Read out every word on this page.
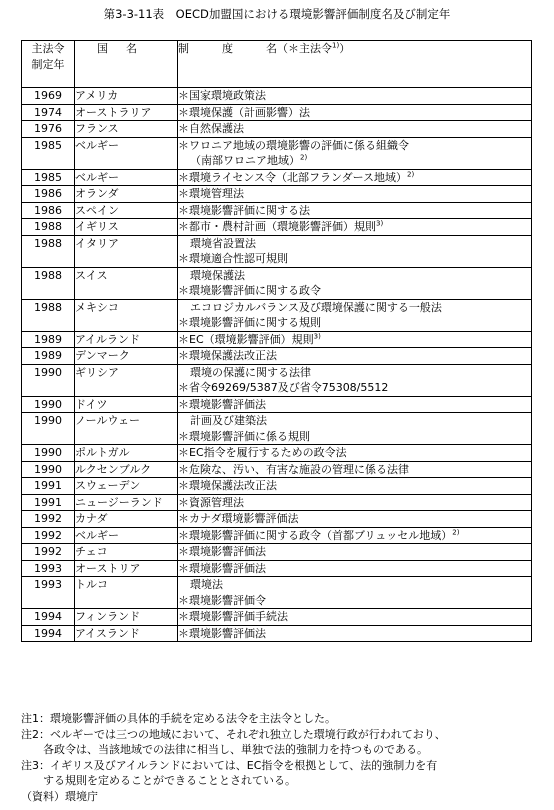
第3-3-11表　OECD加盟国における環境影響評価制度名及び制定年
主法令
制定年	国名	制　　　度　　　名（＊主法令$^{1)}$）
1969	アメリカ	＊国家環境政策法

1974	オーストラリア	＊環境保護（計画影響）法

1976	フランス	＊自然保護法

1985	ベルギー	＊ワロニア地域の環境影響の評価に係る組織令
（南部ワロニア地域）$^{2)}$

1985	ベルギー	＊環境ライセンス令（北部フランダース地域）$^{2)}$

1986	オランダ	＊環境管理法

1986	スペイン	＊環境影響評価に関する法

1988	イギリス	＊都市・農村計画（環境影響評価）規則$^{3)}$

1988	イタリア	環境省設置法
＊環境適合性認可規則

1988	スイス	環境保護法
＊環境影響評価に関する政令

1988	メキシコ	エコロジカルバランス及び環境保護に関する一般法
＊環境影響評価に関する規則

1989	アイルランド	＊EC（環境影響評価）規則$^{3)}$

1989	デンマーク	＊環境保護法改正法

1990	ギリシア	環境の保護に関する法律
＊省令69269/5387及び省令75308/5512

1990	ドイツ	＊環境影響評価法

1990	ノールウェー	計画及び建築法
＊環境影響評価に係る規則

1990	ポルトガル	＊EC指令を履行するための政令法

1990	ルクセンブルク	＊危険な、汚い、有害な施設の管理に係る法律

1991	スウェーデン	＊環境保護法改正法

1991	ニュージーランド	＊資源管理法

1992	カナダ	＊カナダ環境影響評価法

1992	ベルギー	＊環境影響評価に関する政令（首都ブリュッセル地域）$^{2)}$

1992	チェコ	＊環境影響評価法

1993	オーストリア	＊環境影響評価法

1993	トルコ	環境法
＊環境影響評価令

1994	フィンランド	＊環境影響評価手続法

1994	アイスランド	＊環境影響評価法
注1：環境影響評価の具体的手続を定める法令を主法令とした。
注2：ベルギーでは三つの地域において、それぞれ独立した環境行政が行われており、
各政令は、当該地域での法律に相当し、単独で法的強制力を持つものである。
注3：イギリス及びアイルランドにおいては、EC指令を根拠として、法的強制力を有
する規則を定めることができることとされている。
（資料）環境庁
